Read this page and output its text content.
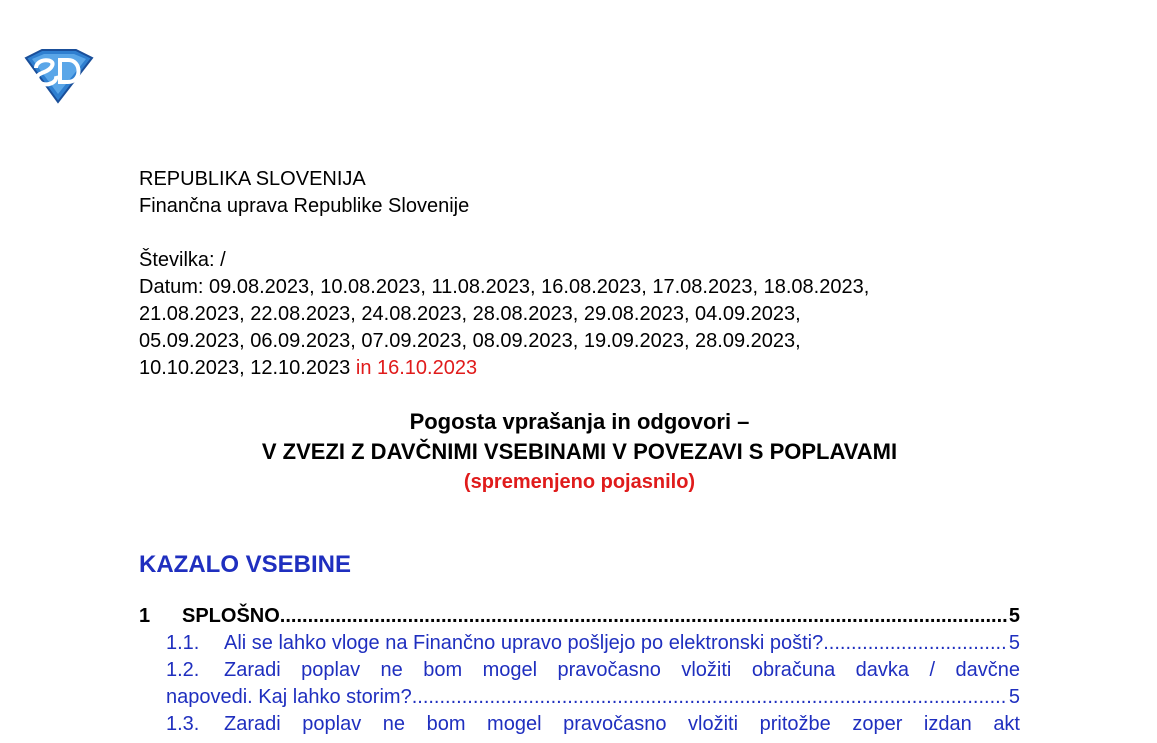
REPUBLIKA SLOVENIJA
Finančna uprava Republike Slovenije
Številka: /
Datum: 09.08.2023, 10.08.2023, 11.08.2023, 16.08.2023, 17.08.2023, 18.08.2023,
21.08.2023, 22.08.2023, 24.08.2023, 28.08.2023, 29.08.2023, 04.09.2023,
05.09.2023, 06.09.2023, 07.09.2023, 08.09.2023, 19.09.2023, 28.09.2023,
10.10.2023, 12.10.2023 in 16.10.2023
Pogosta vprašanja in odgovori –
V ZVEZI Z DAVČNIMI VSEBINAMI V POVEZAVI S POPLAVAMI
(spremenjeno pojasnilo)
KAZALO VSEBINE
1	SPLOŠNO .....	5
1.1.	Ali se lahko vloge na Finančno upravo pošljejo po elektronski pošti? .....	5
1.2. Zaradi poplav ne bom mogel pravočasno vložiti obračuna davka / davčne
napovedi. Kaj lahko storim? .....	5
1.3. Zaradi poplav ne bom mogel pravočasno vložiti pritožbe zoper izdan akt
